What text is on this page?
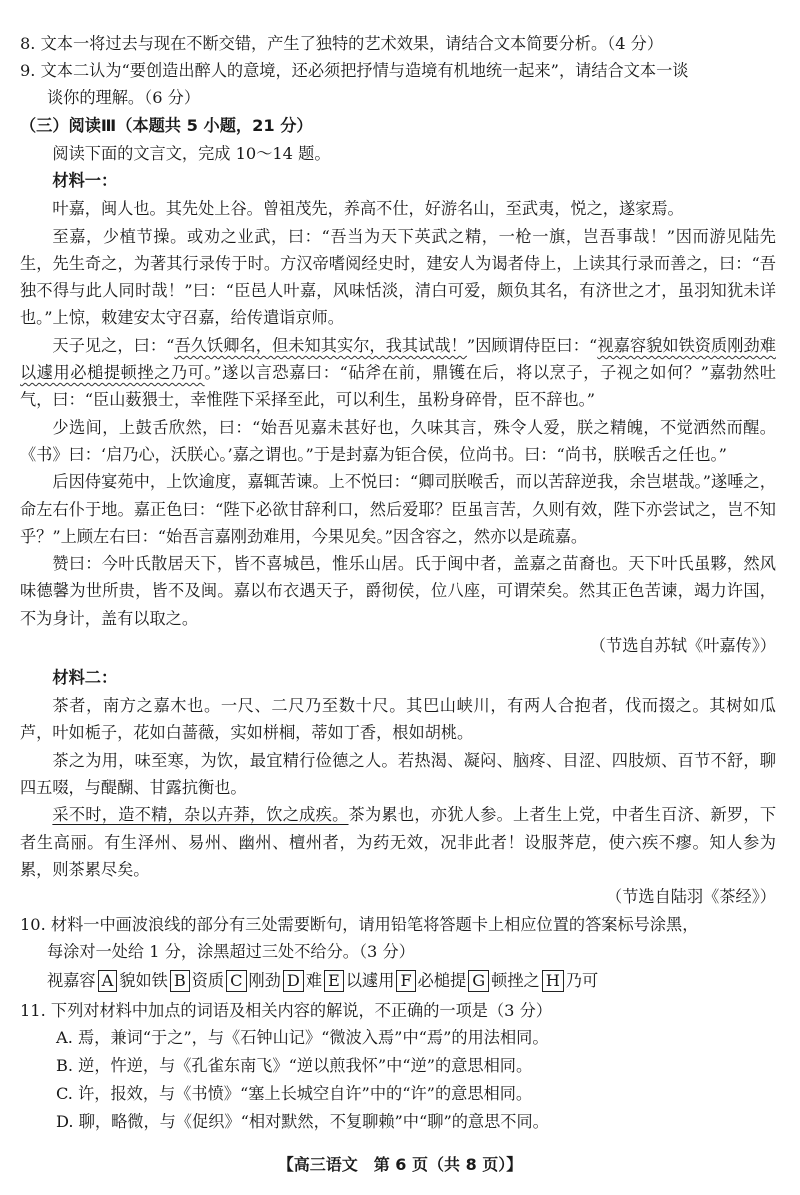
8. 文本一将过去与现在不断交错，产生了独特的艺术效果，请结合文本简要分析。（4 分）
9. 文本二认为“要创造出醉人的意境，还必须把抒情与造境有机地统一起来”，请结合文本一谈
谈你的理解。（6 分）
（三）阅读Ⅲ（本题共 5 小题，21 分）
阅读下面的文言文，完成 10～14 题。
材料一：
叶嘉，闽人也。其先处上谷。曾祖茂先，养高不仕，好游名山，至武夷，悦之，遂家焉。
至嘉，少植节操。或劝之业武，曰：“吾当为天下英武之精，一枪一旗，岂吾事哉！”因而游见陆先生，先生奇之，为著其行录传于时。方汉帝嗜阅经史时，建安人为谒者侍上，上读其行录而善之，曰：“吾独不得与此人同时哉！”曰：“臣邑人叶嘉，风味恬淡，清白可爱，颇负其名，有济世之才，虽羽知犹未详也。”上惊，敕建安太守召嘉，给传遣诣京师。
天子见之，曰：“吾久饫卿名，但未知其实尔，我其试哉！”因顾谓侍臣曰：“视嘉容貌如铁资质刚劲难以遽用必槌提顿挫之乃可。”遂以言恐嘉曰：“砧斧在前，鼎镬在后，将以烹子，子视之如何？”嘉勃然吐气，曰：“臣山薮猥士，幸惟陛下采择至此，可以利生，虽粉身碎骨，臣不辞也。”
少选间，上鼓舌欣然，曰：“始吾见嘉未甚好也，久味其言，殊令人爱，朕之精魄，不觉洒然而醒。《书》曰：‘启乃心，沃朕心。’嘉之谓也。”于是封嘉为钜合侯，位尚书。曰：“尚书，朕喉舌之任也。”
后因侍宴苑中，上饮逾度，嘉辄苦谏。上不悦曰：“卿司朕喉舌，而以苦辞逆我，余岂堪哉。”遂唾之，命左右仆于地。嘉正色曰：“陛下必欲甘辞利口，然后爱耶？臣虽言苦，久则有效，陛下亦尝试之，岂不知乎？”上顾左右曰：“始吾言嘉刚劲难用，今果见矣。”因含容之，然亦以是疏嘉。
赞曰：今叶氏散居天下，皆不喜城邑，惟乐山居。氏于闽中者，盖嘉之苗裔也。天下叶氏虽夥，然风味德馨为世所贵，皆不及闽。嘉以布衣遇天子，爵彻侯，位八座，可谓荣矣。然其正色苦谏，竭力许国，不为身计，盖有以取之。
（节选自苏轼《叶嘉传》）
材料二：
茶者，南方之嘉木也。一尺、二尺乃至数十尺。其巴山峡川，有两人合抱者，伐而掇之。其树如瓜芦，叶如栀子，花如白蔷薇，实如栟榈，蒂如丁香，根如胡桃。
茶之为用，味至寒，为饮，最宜精行俭德之人。若热渴、凝闷、脑疼、目涩、四肢烦、百节不舒，聊四五啜，与醍醐、甘露抗衡也。
采不时，造不精，杂以卉莽，饮之成疾。茶为累也，亦犹人参。上者生上党，中者生百济、新罗，下者生高丽。有生泽州、易州、幽州、檀州者，为药无效，况非此者！设服荠苨，使六疾不瘳。知人参为累，则茶累尽矣。
（节选自陆羽《茶经》）
10. 材料一中画波浪线的部分有三处需要断句，请用铅笔将答题卡上相应位置的答案标号涂黑，
每涂对一处给 1 分，涂黑超过三处不给分。（3 分）
视嘉容 A 貌如铁 B 资质 C 刚劲 D 难 E 以遽用 F 必槌提 G 顿挫之 H 乃可
11. 下列对材料中加点的词语及相关内容的解说，不正确的一项是（3 分）
A. 焉，兼词“于之”，与《石钟山记》“微波入焉”中“焉”的用法相同。
B. 逆，忤逆，与《孔雀东南飞》“逆以煎我怀”中“逆”的意思相同。
C. 许，报效，与《书愤》“塞上长城空自许”中的“许”的意思相同。
D. 聊，略微，与《促织》“相对默然，不复聊赖”中“聊”的意思不同。
【高三语文　第 6 页（共 8 页）】
